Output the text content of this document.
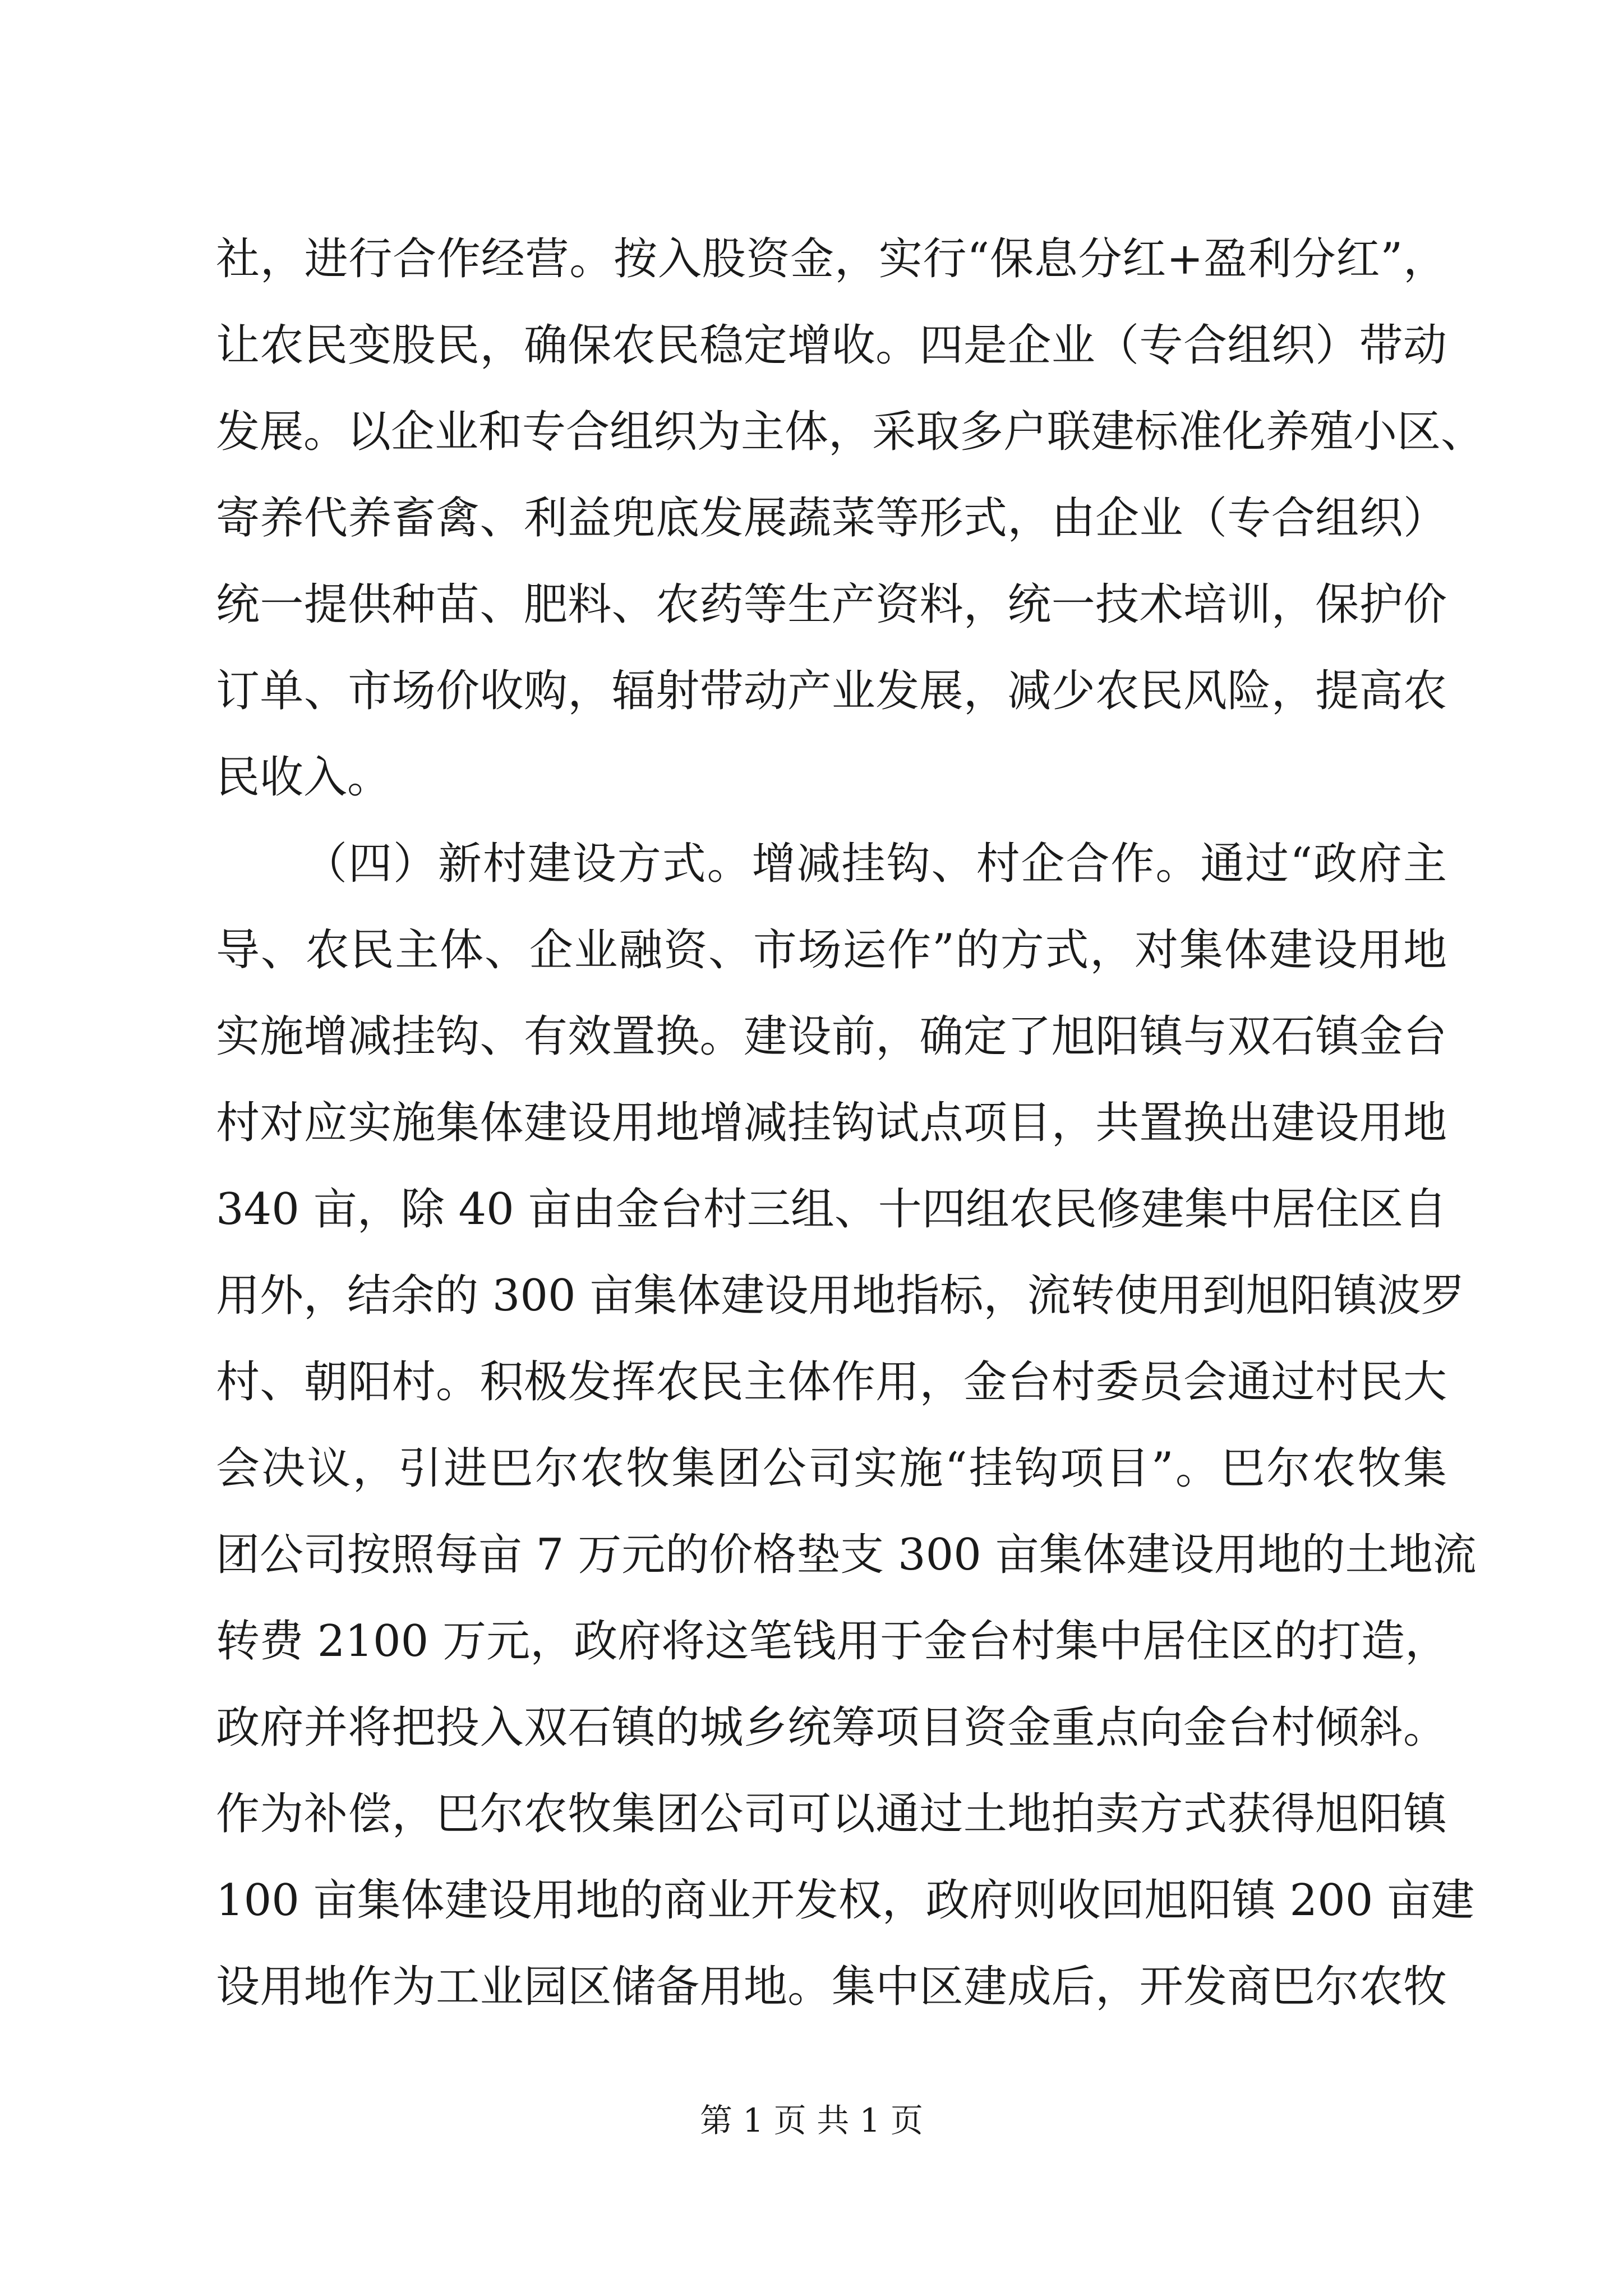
社，进行合作经营。按入股资金，实行“保息分红+盈利分红”，
让农民变股民，确保农民稳定增收。四是企业（专合组织）带动
发展。以企业和专合组织为主体，采取多户联建标准化养殖小区、
寄养代养畜禽、利益兜底发展蔬菜等形式，由企业（专合组织）
统一提供种苗、肥料、农药等生产资料，统一技术培训，保护价
订单、市场价收购，辐射带动产业发展，减少农民风险，提高农
民收入。
（四）新村建设方式。增减挂钩、村企合作。通过“政府主
导、农民主体、企业融资、市场运作”的方式，对集体建设用地
实施增减挂钩、有效置换。建设前，确定了旭阳镇与双石镇金台
村对应实施集体建设用地增减挂钩试点项目，共置换出建设用地
340 亩，除 40 亩由金台村三组、十四组农民修建集中居住区自
用外，结余的 300 亩集体建设用地指标，流转使用到旭阳镇波罗
村、朝阳村。积极发挥农民主体作用，金台村委员会通过村民大
会决议，引进巴尔农牧集团公司实施“挂钩项目”。巴尔农牧集
团公司按照每亩 7 万元的价格垫支 300 亩集体建设用地的土地流
转费 2100 万元，政府将这笔钱用于金台村集中居住区的打造，
政府并将把投入双石镇的城乡统筹项目资金重点向金台村倾斜。
作为补偿，巴尔农牧集团公司可以通过土地拍卖方式获得旭阳镇
100 亩集体建设用地的商业开发权，政府则收回旭阳镇 200 亩建
设用地作为工业园区储备用地。集中区建成后，开发商巴尔农牧
第 1 页 共 1 页
